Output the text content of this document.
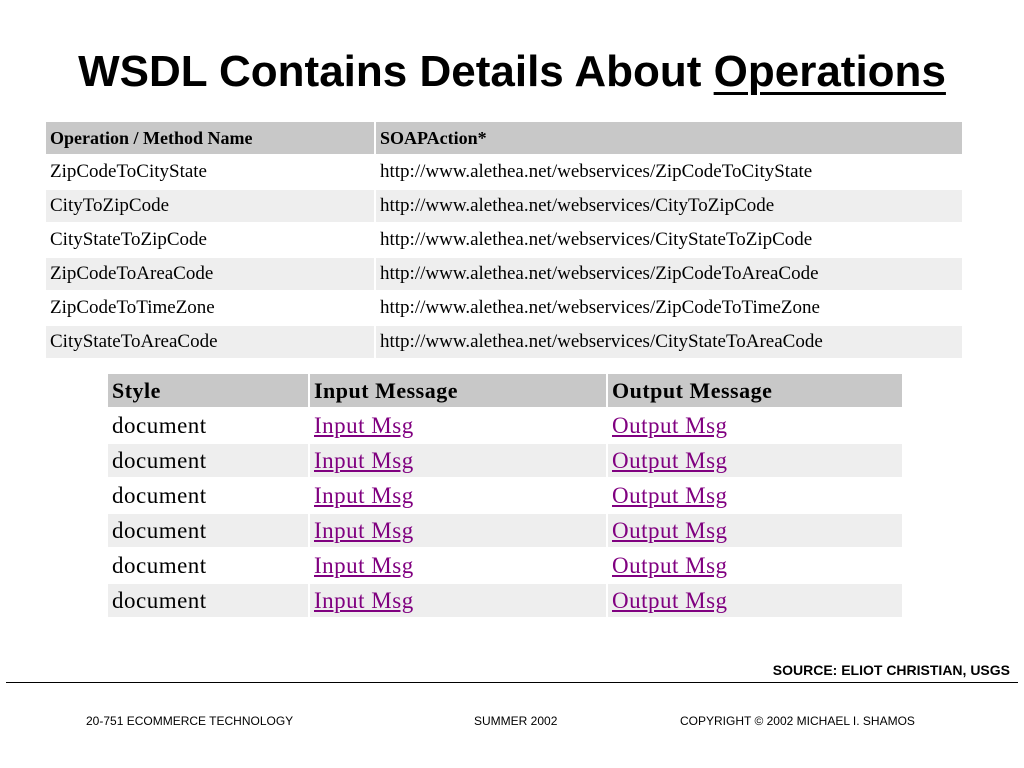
WSDL Contains Details About Operations
Operation / Method Name	SOAPAction*
ZipCodeToCityState	http://www.alethea.net/webservices/ZipCodeToCityState
CityToZipCode	http://www.alethea.net/webservices/CityToZipCode
CityStateToZipCode	http://www.alethea.net/webservices/CityStateToZipCode
ZipCodeToAreaCode	http://www.alethea.net/webservices/ZipCodeToAreaCode
ZipCodeToTimeZone	http://www.alethea.net/webservices/ZipCodeToTimeZone
CityStateToAreaCode	http://www.alethea.net/webservices/CityStateToAreaCode
Style	Input Message	Output Message
document	Input Msg	Output Msg
document	Input Msg	Output Msg
document	Input Msg	Output Msg
document	Input Msg	Output Msg
document	Input Msg	Output Msg
document	Input Msg	Output Msg
SOURCE: ELIOT CHRISTIAN, USGS
20-751 ECOMMERCE TECHNOLOGY	SUMMER 2002	COPYRIGHT © 2002 MICHAEL I. SHAMOS
